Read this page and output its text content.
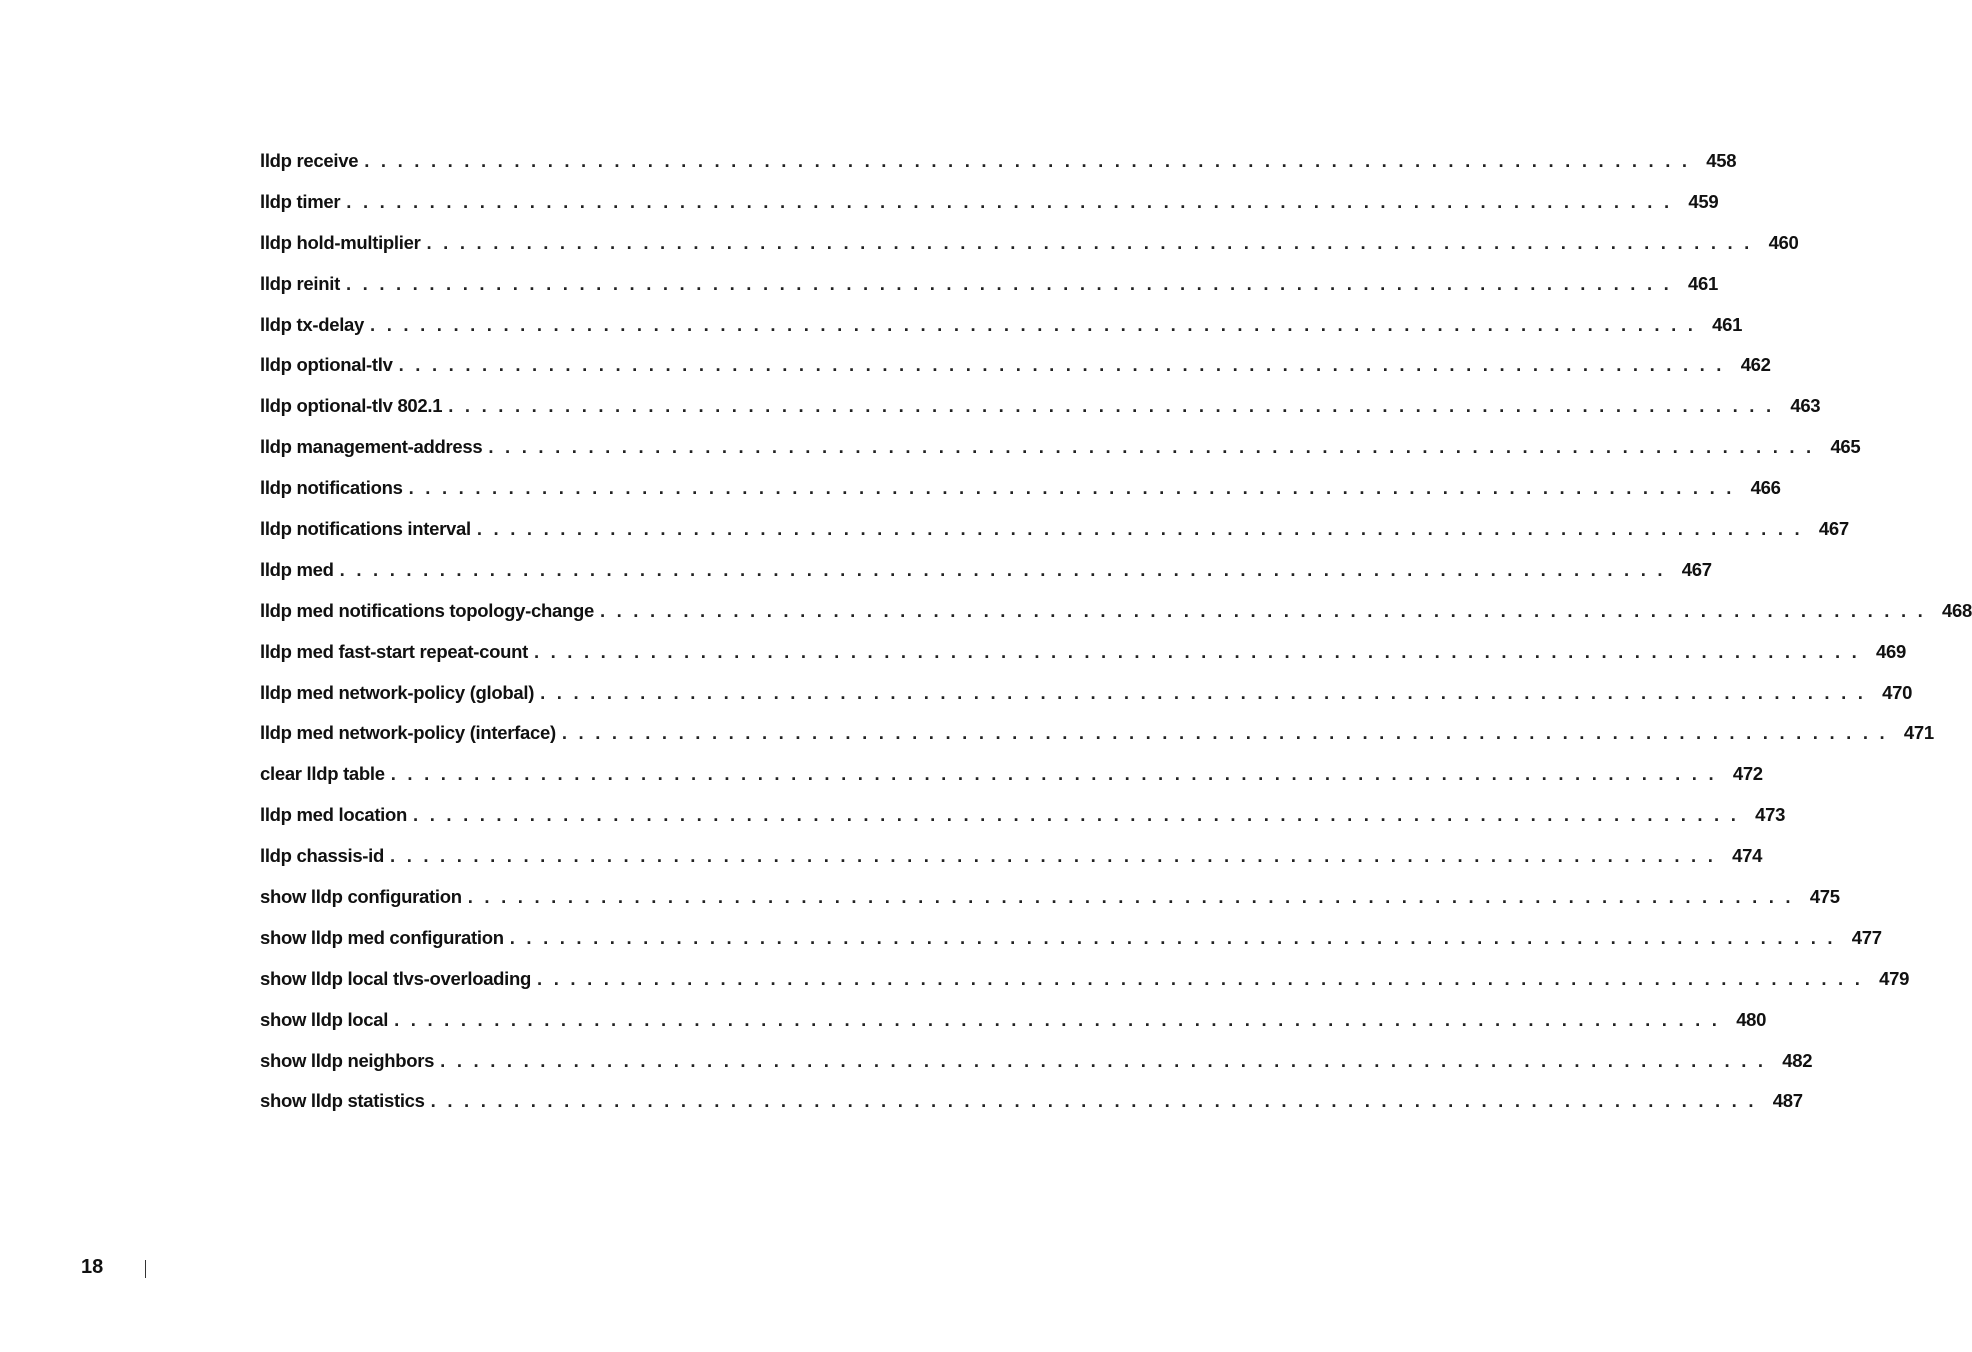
lldp receive . . . . . . . . . . . . . . . . . . . . . . . . . . . . . . . . . . . . . . . . . . . . . . . . . . . . . . . . . . . . . . . . . . . . . . . . . . . . . . . . 458
lldp timer . . . . . . . . . . . . . . . . . . . . . . . . . . . . . . . . . . . . . . . . . . . . . . . . . . . . . . . . . . . . . . . . . . . . . . . . . . . . . . . . 459
lldp hold-multiplier . . . . . . . . . . . . . . . . . . . . . . . . . . . . . . . . . . . . . . . . . . . . . . . . . . . . . . . . . . . . . . . . . . . . . . . . . . . . . . . . 460
lldp reinit . . . . . . . . . . . . . . . . . . . . . . . . . . . . . . . . . . . . . . . . . . . . . . . . . . . . . . . . . . . . . . . . . . . . . . . . . . . . . . . . 461
lldp tx-delay . . . . . . . . . . . . . . . . . . . . . . . . . . . . . . . . . . . . . . . . . . . . . . . . . . . . . . . . . . . . . . . . . . . . . . . . . . . . . . . . 461
lldp optional-tlv . . . . . . . . . . . . . . . . . . . . . . . . . . . . . . . . . . . . . . . . . . . . . . . . . . . . . . . . . . . . . . . . . . . . . . . . . . . . . . . . 462
lldp optional-tlv 802.1 . . . . . . . . . . . . . . . . . . . . . . . . . . . . . . . . . . . . . . . . . . . . . . . . . . . . . . . . . . . . . . . . . . . . . . . . . . . . . . . . 463
lldp management-address . . . . . . . . . . . . . . . . . . . . . . . . . . . . . . . . . . . . . . . . . . . . . . . . . . . . . . . . . . . . . . . . . . . . . . . . . . . . . . . . 465
lldp notifications . . . . . . . . . . . . . . . . . . . . . . . . . . . . . . . . . . . . . . . . . . . . . . . . . . . . . . . . . . . . . . . . . . . . . . . . . . . . . . . . 466
lldp notifications interval . . . . . . . . . . . . . . . . . . . . . . . . . . . . . . . . . . . . . . . . . . . . . . . . . . . . . . . . . . . . . . . . . . . . . . . . . . . . . . . . 467
lldp med . . . . . . . . . . . . . . . . . . . . . . . . . . . . . . . . . . . . . . . . . . . . . . . . . . . . . . . . . . . . . . . . . . . . . . . . . . . . . . . . 467
lldp med notifications topology-change . . . . . . . . . . . . . . . . . . . . . . . . . . . . . . . . . . . . . . . . . . . . . . . . . . . . . . . . . . . . . . . . . . . . . . . . . . . . . . . . 468
lldp med fast-start repeat-count . . . . . . . . . . . . . . . . . . . . . . . . . . . . . . . . . . . . . . . . . . . . . . . . . . . . . . . . . . . . . . . . . . . . . . . . . . . . . . . . 469
lldp med network-policy (global) . . . . . . . . . . . . . . . . . . . . . . . . . . . . . . . . . . . . . . . . . . . . . . . . . . . . . . . . . . . . . . . . . . . . . . . . . . . . . . . . 470
lldp med network-policy (interface) . . . . . . . . . . . . . . . . . . . . . . . . . . . . . . . . . . . . . . . . . . . . . . . . . . . . . . . . . . . . . . . . . . . . . . . . . . . . . . . . 471
clear lldp table . . . . . . . . . . . . . . . . . . . . . . . . . . . . . . . . . . . . . . . . . . . . . . . . . . . . . . . . . . . . . . . . . . . . . . . . . . . . . . . . 472
lldp med location . . . . . . . . . . . . . . . . . . . . . . . . . . . . . . . . . . . . . . . . . . . . . . . . . . . . . . . . . . . . . . . . . . . . . . . . . . . . . . . . 473
lldp chassis-id . . . . . . . . . . . . . . . . . . . . . . . . . . . . . . . . . . . . . . . . . . . . . . . . . . . . . . . . . . . . . . . . . . . . . . . . . . . . . . . . 474
show lldp configuration . . . . . . . . . . . . . . . . . . . . . . . . . . . . . . . . . . . . . . . . . . . . . . . . . . . . . . . . . . . . . . . . . . . . . . . . . . . . . . . . 475
show lldp med configuration . . . . . . . . . . . . . . . . . . . . . . . . . . . . . . . . . . . . . . . . . . . . . . . . . . . . . . . . . . . . . . . . . . . . . . . . . . . . . . . . 477
show lldp local tlvs-overloading . . . . . . . . . . . . . . . . . . . . . . . . . . . . . . . . . . . . . . . . . . . . . . . . . . . . . . . . . . . . . . . . . . . . . . . . . . . . . . . . 479
show lldp local . . . . . . . . . . . . . . . . . . . . . . . . . . . . . . . . . . . . . . . . . . . . . . . . . . . . . . . . . . . . . . . . . . . . . . . . . . . . . . . . 480
show lldp neighbors . . . . . . . . . . . . . . . . . . . . . . . . . . . . . . . . . . . . . . . . . . . . . . . . . . . . . . . . . . . . . . . . . . . . . . . . . . . . . . . . 482
show lldp statistics . . . . . . . . . . . . . . . . . . . . . . . . . . . . . . . . . . . . . . . . . . . . . . . . . . . . . . . . . . . . . . . . . . . . . . . . . . . . . . . . 487
18
